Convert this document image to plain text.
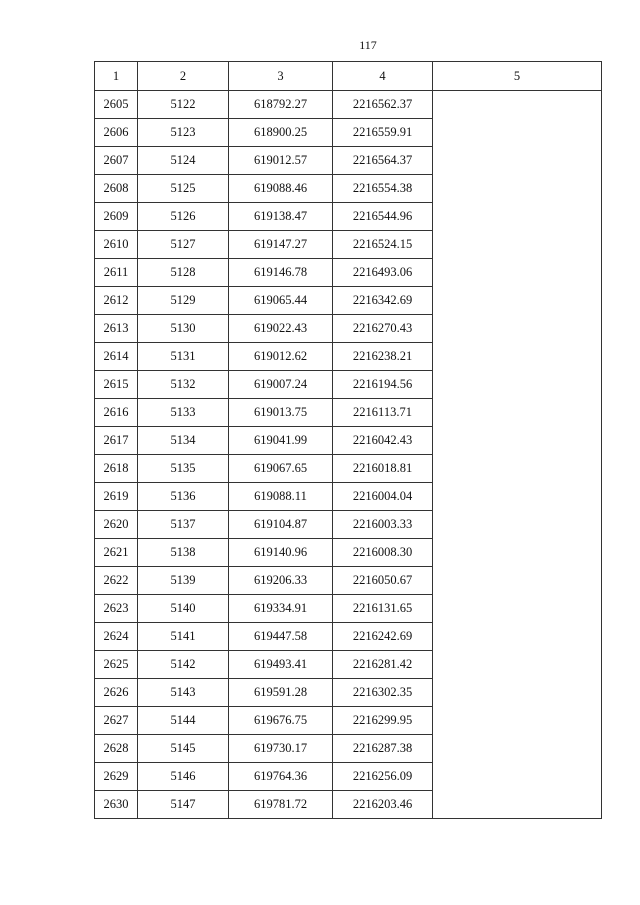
117
1	2	3	4	5
2605	5122	618792.27	2216562.37	
2606	5123	618900.25	2216559.91	
2607	5124	619012.57	2216564.37	
2608	5125	619088.46	2216554.38	
2609	5126	619138.47	2216544.96	
2610	5127	619147.27	2216524.15	
2611	5128	619146.78	2216493.06	
2612	5129	619065.44	2216342.69	
2613	5130	619022.43	2216270.43	
2614	5131	619012.62	2216238.21	
2615	5132	619007.24	2216194.56	
2616	5133	619013.75	2216113.71	
2617	5134	619041.99	2216042.43	
2618	5135	619067.65	2216018.81	
2619	5136	619088.11	2216004.04	
2620	5137	619104.87	2216003.33	
2621	5138	619140.96	2216008.30	
2622	5139	619206.33	2216050.67	
2623	5140	619334.91	2216131.65	
2624	5141	619447.58	2216242.69	
2625	5142	619493.41	2216281.42	
2626	5143	619591.28	2216302.35	
2627	5144	619676.75	2216299.95	
2628	5145	619730.17	2216287.38	
2629	5146	619764.36	2216256.09	
2630	5147	619781.72	2216203.46	
